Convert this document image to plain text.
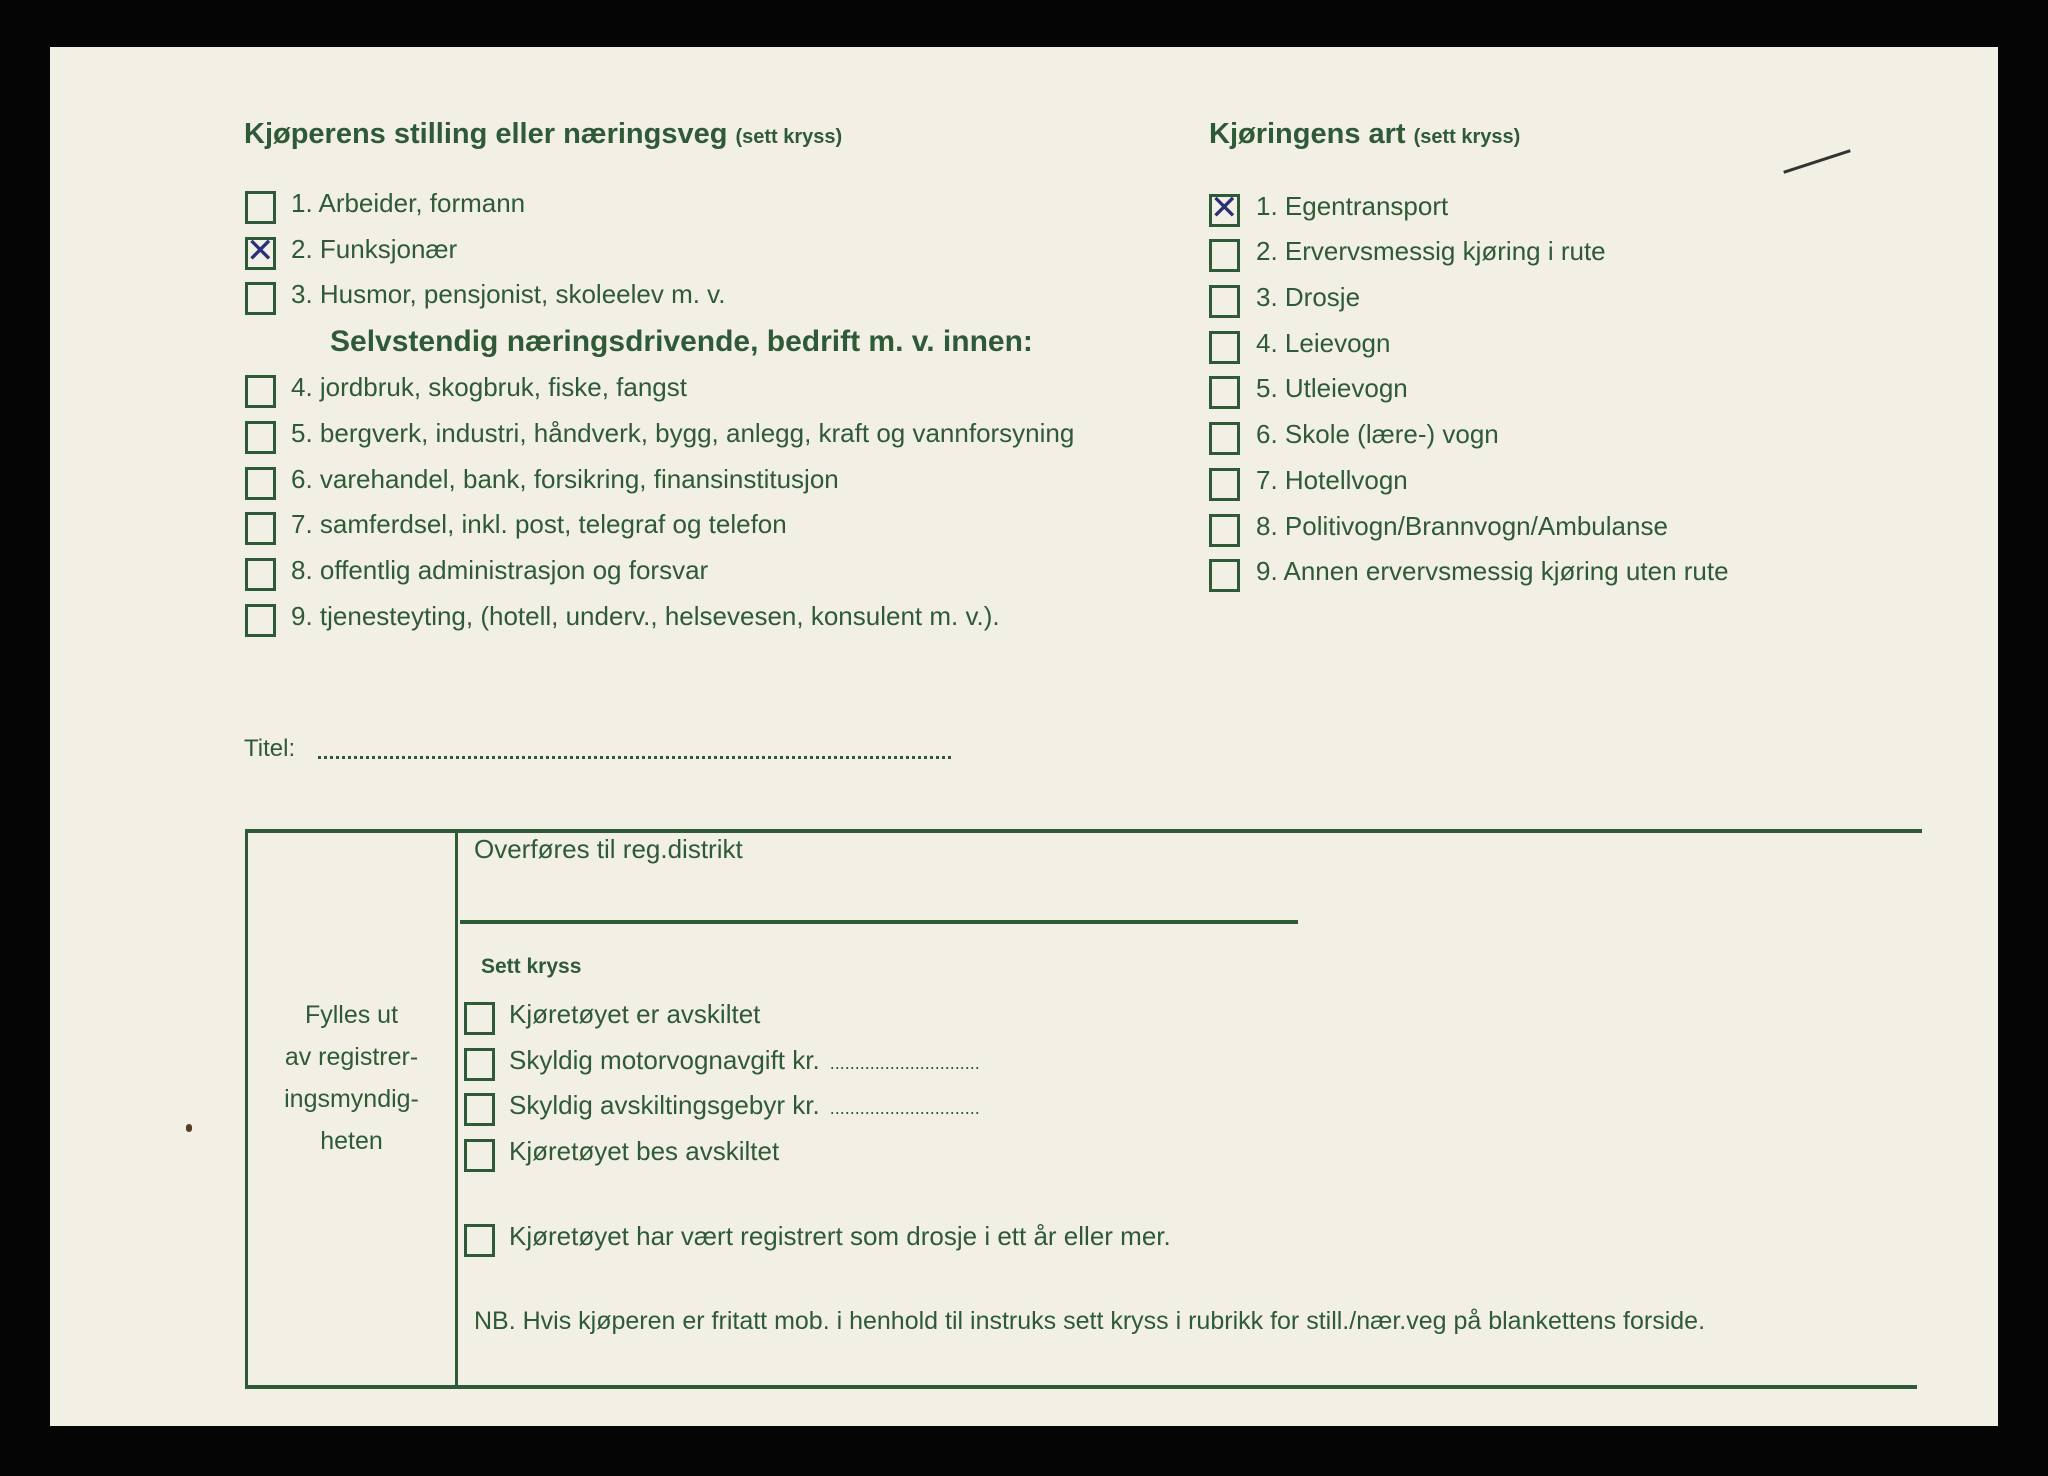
Kjøperens stilling eller næringsveg (sett kryss)
1. Arbeider, formann
✕ 2. Funksjonær
3. Husmor, pensjonist, skoleelev m. v.
Selvstendig næringsdrivende, bedrift m. v. innen:
4. jordbruk, skogbruk, fiske, fangst
5. bergverk, industri, håndverk, bygg, anlegg, kraft og vannforsyning
6. varehandel, bank, forsikring, finansinstitusjon
7. samferdsel, inkl. post, telegraf og telefon
8. offentlig administrasjon og forsvar
9. tjenesteyting, (hotell, underv., helsevesen, konsulent m. v.).
Kjøringens art (sett kryss)
✕ 1. Egentransport
2. Ervervsmessig kjøring i rute
3. Drosje
4. Leievogn
5. Utleievogn
6. Skole (lære-) vogn
7. Hotellvogn
8. Politivogn/Brannvogn/Ambulanse
9. Annen ervervsmessig kjøring uten rute
Titel:
Fylles ut
av registrer-
ingsmyndig-
heten
Overføres til reg.distrikt
Sett kryss
Kjøretøyet er avskiltet
Skyldig motorvognavgift kr. ..............................
Skyldig avskiltingsgebyr kr. ..............................
Kjøretøyet bes avskiltet
Kjøretøyet har vært registrert som drosje i ett år eller mer.
NB. Hvis kjøperen er fritatt mob. i henhold til instruks sett kryss i rubrikk for still./nær.veg på blankettens forside.
